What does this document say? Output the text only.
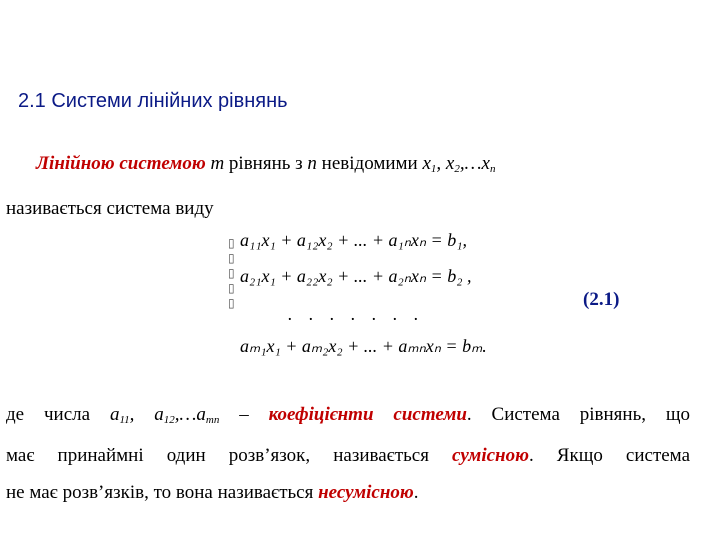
2.1 Системи лінійних рівнянь
Лінійною системою m рівнянь з n невідомими $x_1$, $x_2,\dots x_n$
називається система виду
a₁₁x₁ + a₁₂x₂ + ... + a₁ₙxₙ = b₁,
a₂₁x₁ + a₂₂x₂ + ... + a₂ₙxₙ = b₂ ,
. . . . . . .
aₘ₁x₁ + aₘ₂x₂ + ... + aₘₙxₙ = bₘ.
▯
▯
▯
▯
▯	(2.1)
де числа $a_{11}$, $a_{12},\dots a_{mn}$ – коефіцієнти системи. Система рівнянь, що
має принаймні один розв’язок, називається сумісною. Якщо система
не має розв’язків, то вона називається несумісною.
